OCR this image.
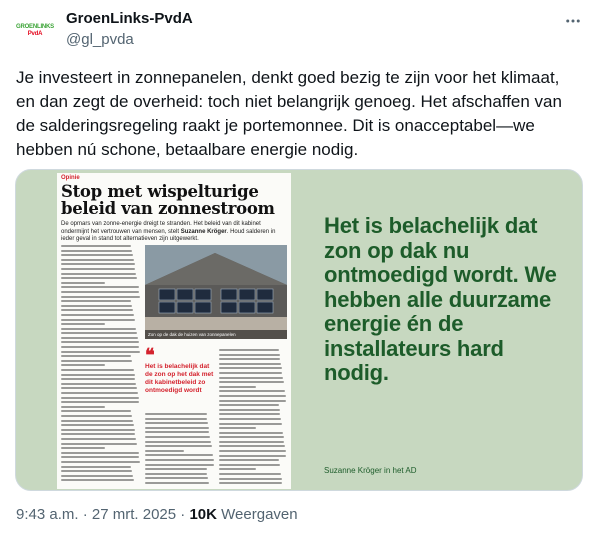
GROENLINKS
PvdA
GroenLinks-PvdA
@gl_pvda
Je investeert in zonnepanelen, denkt goed bezig te zijn voor het klimaat, en dan zegt de overheid: toch niet belangrijk genoeg. Het afschaffen van de salderingsregeling raakt je portemonnee. Dit is onacceptabel—we hebben nú schone, betaalbare energie nodig.
Opinie
Stop met wispelturige beleid van zonnestroom
De opmars van zonne-energie dreigt te stranden. Het beleid van dit kabinet ondermijnt het vertrouwen van mensen, stelt Suzanne Kröger. Houd salderen in ieder geval in stand tot alternatieven zijn uitgewerkt.
Zon op de dak de huizen van zonnepanelen
❝
Het is belachelijk dat de zon op het dak met dit kabinetbeleid zo ontmoedigd wordt
Het is belachelijk dat zon op dak nu ontmoedigd wordt. We hebben alle duurzame energie én de installateurs hard nodig.
Suzanne Kröger in het AD
9:43 a.m. · 27 mrt. 2025 · 10K Weergaven
